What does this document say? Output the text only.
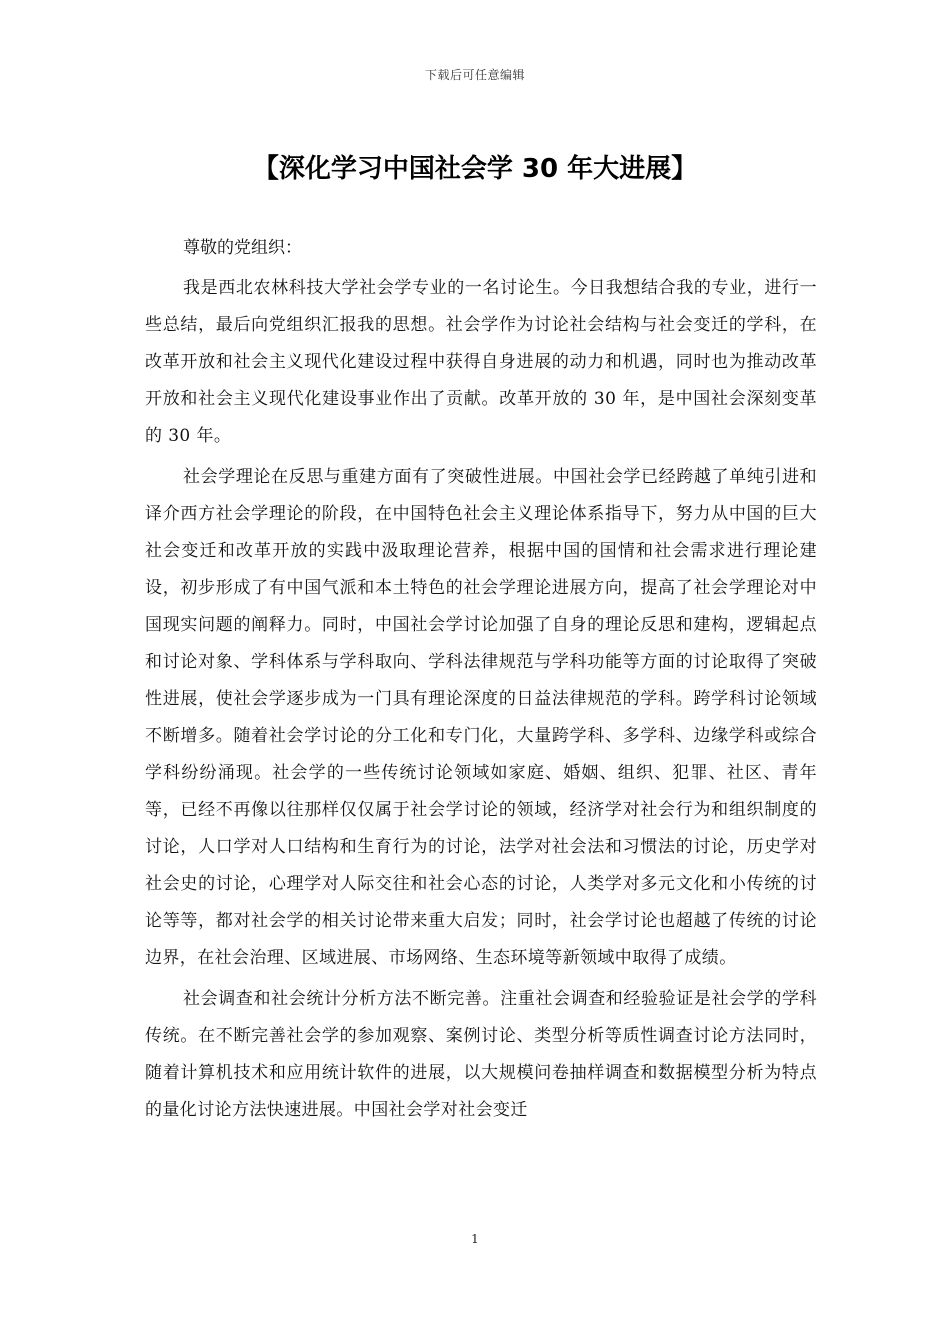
下载后可任意编辑
【深化学习中国社会学 30 年大进展】

尊敬的党组织：

我是西北农林科技大学社会学专业的一名讨论生。今日我想结合我的专业，进行一些总结，最后向党组织汇报我的思想。社会学作为讨论社会结构与社会变迁的学科，在改革开放和社会主义现代化建设过程中获得自身进展的动力和机遇，同时也为推动改革开放和社会主义现代化建设事业作出了贡献。改革开放的 30 年，是中国社会深刻变革的 30 年。

社会学理论在反思与重建方面有了突破性进展。中国社会学已经跨越了单纯引进和译介西方社会学理论的阶段，在中国特色社会主义理论体系指导下，努力从中国的巨大社会变迁和改革开放的实践中汲取理论营养，根据中国的国情和社会需求进行理论建设，初步形成了有中国气派和本土特色的社会学理论进展方向，提高了社会学理论对中国现实问题的阐释力。同时，中国社会学讨论加强了自身的理论反思和建构，逻辑起点和讨论对象、学科体系与学科取向、学科法律规范与学科功能等方面的讨论取得了突破性进展，使社会学逐步成为一门具有理论深度的日益法律规范的学科。跨学科讨论领域不断增多。随着社会学讨论的分工化和专门化，大量跨学科、多学科、边缘学科或综合学科纷纷涌现。社会学的一些传统讨论领域如家庭、婚姻、组织、犯罪、社区、青年等，已经不再像以往那样仅仅属于社会学讨论的领域，经济学对社会行为和组织制度的讨论，人口学对人口结构和生育行为的讨论，法学对社会法和习惯法的讨论，历史学对社会史的讨论，心理学对人际交往和社会心态的讨论，人类学对多元文化和小传统的讨论等等，都对社会学的相关讨论带来重大启发；同时，社会学讨论也超越了传统的讨论边界，在社会治理、区域进展、市场网络、生态环境等新领域中取得了成绩。

社会调查和社会统计分析方法不断完善。注重社会调查和经验验证是社会学的学科传统。在不断完善社会学的参加观察、案例讨论、类型分析等质性调查讨论方法同时，随着计算机技术和应用统计软件的进展，以大规模问卷抽样调查和数据模型分析为特点的量化讨论方法快速进展。中国社会学对社会变迁

1
